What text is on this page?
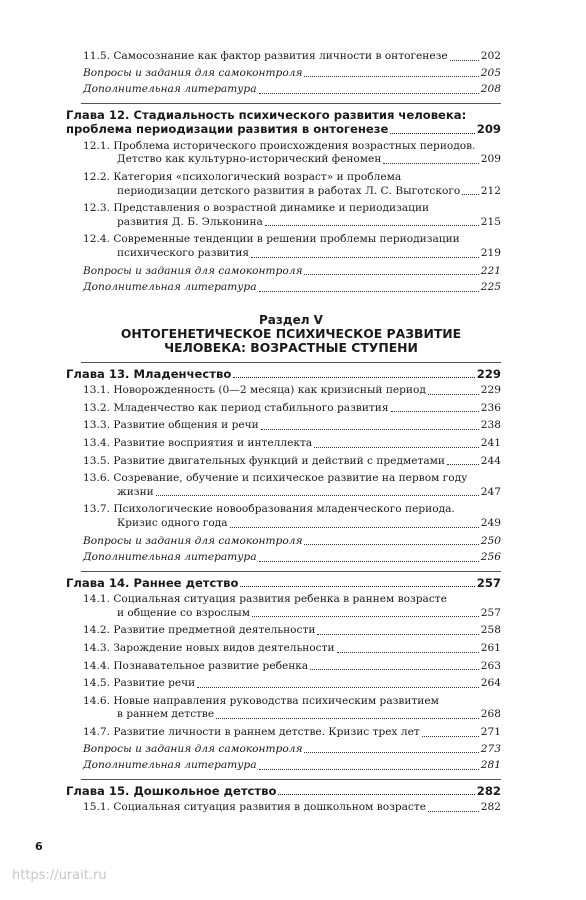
11.5. Самосознание как фактор развития личности в онтогенезе	202
Вопросы и задания для самоконтроля	205
Дополнительная литература	208
Глава 12. Стадиальность психического развития человека:
проблема периодизации развития в онтогенезе	209
12.1. Проблема исторического происхождения возрастных периодов.
Детство как культурно-исторический феномен	209
12.2. Категория «психологический возраст» и проблема
периодизации детского развития в работах Л. С. Выготского 212
12.3. Представления о возрастной динамике и периодизации
развития Д. Б. Эльконина	215
12.4. Современные тенденции в решении проблемы периодизации
психического развития	219
Вопросы и задания для самоконтроля	221
Дополнительная литература	225
Раздел V
ОНТОГЕНЕТИЧЕСКОЕ ПСИХИЧЕСКОЕ РАЗВИТИЕ
ЧЕЛОВЕКА: ВОЗРАСТНЫЕ СТУПЕНИ
Глава 13. Младенчество	229
13.1. Новорожденность (0—2 месяца) как кризисный период	229
13.2. Младенчество как период стабильного развития	236
13.3. Развитие общения и речи	238
13.4. Развитие восприятия и интеллекта	241
13.5. Развитие двигательных функций и действий с предметами	244
13.6. Созревание, обучение и психическое развитие на первом году
жизни	247
13.7. Психологические новообразования младенческого периода.
Кризис одного года	249
Вопросы и задания для самоконтроля	250
Дополнительная литература	256
Глава 14. Раннее детство	257
14.1. Социальная ситуация развития ребенка в раннем возрасте
и общение со взрослым	257
14.2. Развитие предметной деятельности	258
14.3. Зарождение новых видов деятельности	261
14.4. Познавательное развитие ребенка	263
14.5. Развитие речи	264
14.6. Новые направления руководства психическим развитием
в раннем детстве	268
14.7. Развитие личности в раннем детстве. Кризис трех лет	271
Вопросы и задания для самоконтроля	273
Дополнительная литература	281
Глава 15. Дошкольное детство	282
15.1. Социальная ситуация развития в дошкольном возрасте	282
6
https://urait.ru
